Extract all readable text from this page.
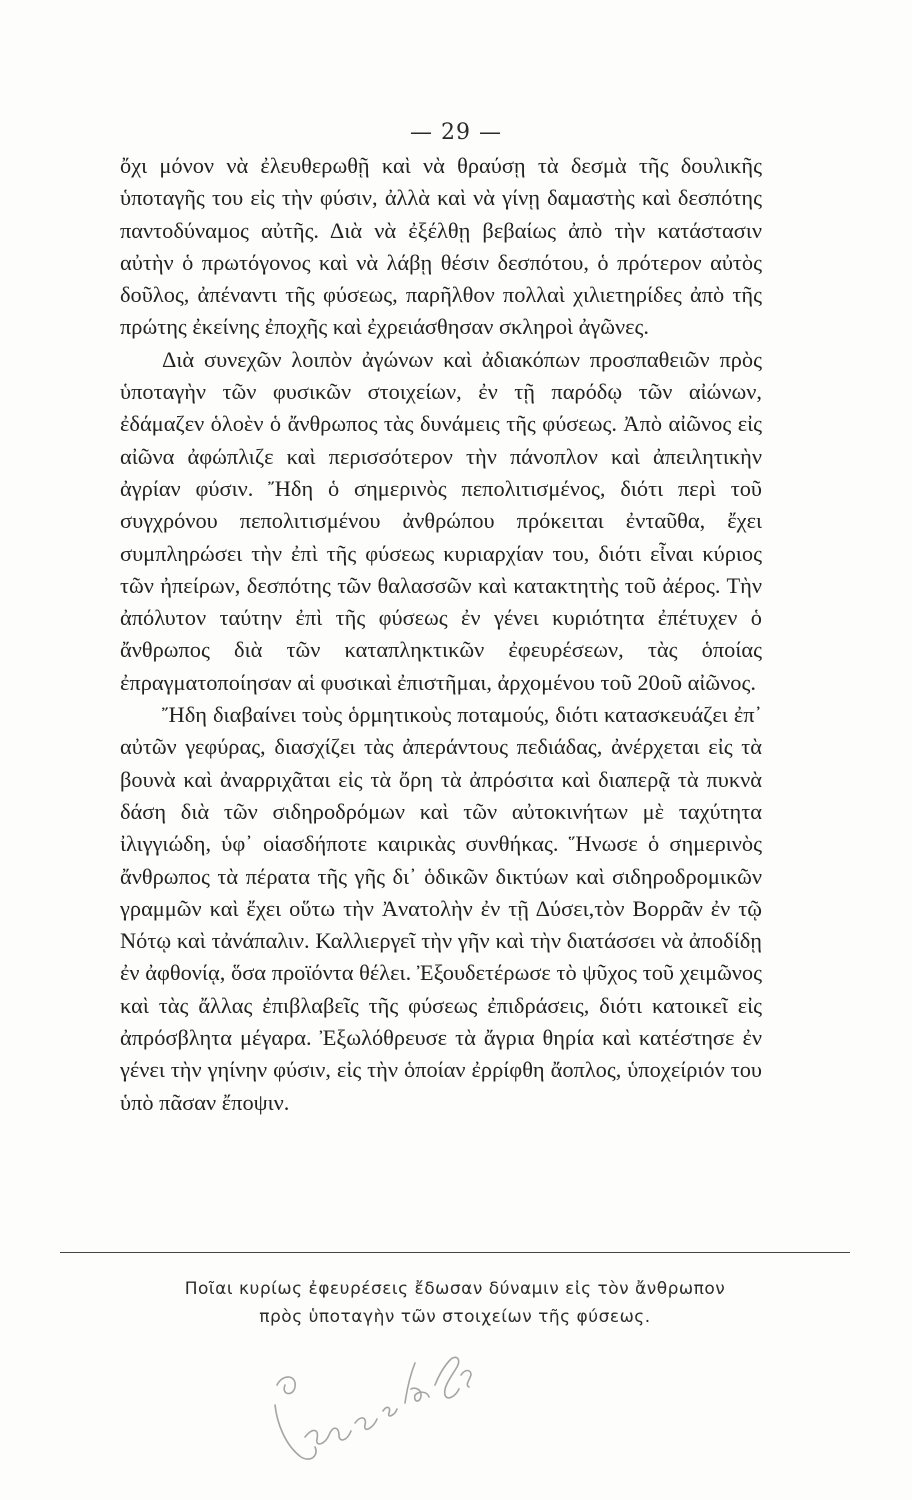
— 29 —

ὄχι μόνον νὰ ἐλευθερωθῇ καὶ νὰ θραύσῃ τὰ δεσμὰ τῆς δουλικῆς ὑποταγῆς του εἰς τὴν φύσιν, ἀλλὰ καὶ νὰ γίνῃ δαμαστὴς καὶ δεσπότης παντοδύναμος αὐτῆς. Διὰ νὰ ἐξέλθῃ βεβαίως ἀπὸ τὴν κατάστασιν αὐτὴν ὁ πρωτόγονος καὶ νὰ λάβῃ θέσιν δεσπότου, ὁ πρότερον αὐτὸς δοῦλος, ἀπέναντι τῆς φύσεως, παρῆλθον πολλαὶ χιλιετηρίδες ἀπὸ τῆς πρώτης ἐκείνης ἐποχῆς καὶ ἐχρειάσθησαν σκληροὶ ἀγῶνες.

Διὰ συνεχῶν λοιπὸν ἀγώνων καὶ ἀδιακόπων προσπαθειῶν πρὸς ὑποταγὴν τῶν φυσικῶν στοιχείων, ἐν τῇ παρόδῳ τῶν αἰώνων, ἐδάμαζεν ὁλοὲν ὁ ἄνθρωπος τὰς δυνάμεις τῆς φύσεως. Ἀπὸ αἰῶνος εἰς αἰῶνα ἀφώπλιζε καὶ περισσότερον τὴν πάνοπλον καὶ ἀπειλητικὴν ἀγρίαν φύσιν. Ἤδη ὁ σημερινὸς πεπολιτισμένος, διότι περὶ τοῦ συγχρόνου πεπολιτισμένου ἀνθρώπου πρόκειται ἐνταῦθα, ἔχει συμπληρώσει τὴν ἐπὶ τῆς φύσεως κυριαρχίαν του, διότι εἶναι κύριος τῶν ἠπείρων, δεσπότης τῶν θαλασσῶν καὶ κατακτητὴς τοῦ ἀέρος. Τὴν ἀπόλυτον ταύτην ἐπὶ τῆς φύσεως ἐν γένει κυριότητα ἐπέτυχεν ὁ ἄνθρωπος διὰ τῶν καταπληκτικῶν ἐφευρέσεων, τὰς ὁποίας ἐπραγματοποίησαν αἱ φυσικαὶ ἐπιστῆμαι, ἀρχομένου τοῦ 20οῦ αἰῶνος.

Ἤδη διαβαίνει τοὺς ὁρμητικοὺς ποταμούς, διότι κατασκευάζει ἐπ᾽ αὐτῶν γεφύρας, διασχίζει τὰς ἀπεράντους πεδιάδας, ἀνέρχεται εἰς τὰ βουνὰ καὶ ἀναρριχᾶται εἰς τὰ ὄρη τὰ ἀπρόσιτα καὶ διαπερᾷ τὰ πυκνὰ δάση διὰ τῶν σιδηροδρόμων καὶ τῶν αὐτοκινήτων μὲ ταχύτητα ἰλιγγιώδη, ὑφ᾽ οἱασδήποτε καιρικὰς συνθήκας. Ἥνωσε ὁ σημερινὸς ἄνθρωπος τὰ πέρατα τῆς γῆς δι᾽ ὁδικῶν δικτύων καὶ σιδηροδρομικῶν γραμμῶν καὶ ἔχει οὕτω τὴν Ἀνατολὴν ἐν τῇ Δύσει,τὸν Βορρᾶν ἐν τῷ Νότῳ καὶ τἀνάπαλιν. Καλλιεργεῖ τὴν γῆν καὶ τὴν διατάσσει νὰ ἀποδίδῃ ἐν ἀφθονίᾳ, ὅσα προϊόντα θέλει. Ἐξουδετέρωσε τὸ ψῦχος τοῦ χειμῶνος καὶ τὰς ἄλλας ἐπιβλαβεῖς τῆς φύσεως ἐπιδράσεις, διότι κατοικεῖ εἰς ἀπρόσβλητα μέγαρα. Ἐξωλόθρευσε τὰ ἄγρια θηρία καὶ κατέστησε ἐν γένει τὴν γηίνην φύσιν, εἰς τὴν ὁποίαν ἐρρίφθη ἄοπλος, ὑποχείριόν του ὑπὸ πᾶσαν ἔποψιν.

Ποῖαι κυρίως ἐφευρέσεις ἔδωσαν δύναμιν εἰς τὸν ἄνθρωπον
πρὸς ὑποταγὴν τῶν στοιχείων τῆς φύσεως.
